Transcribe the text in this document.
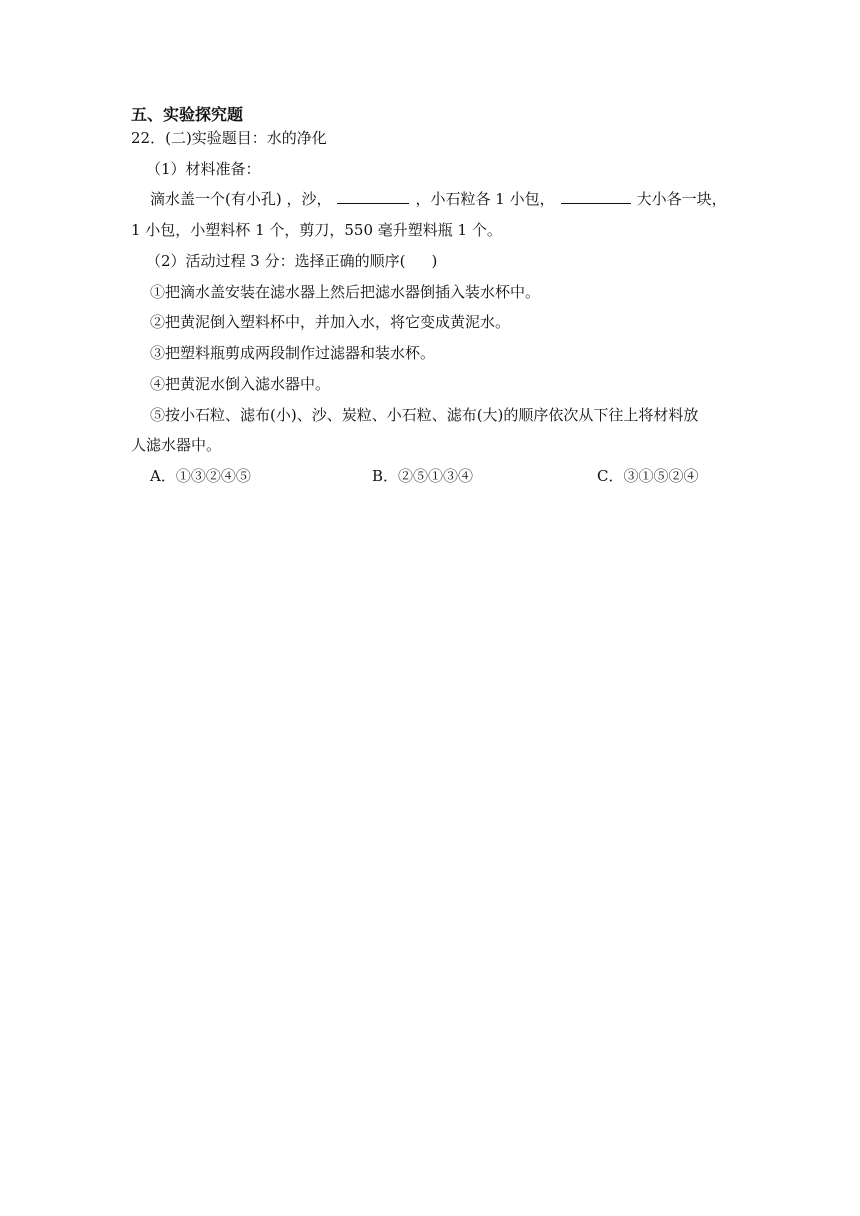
五、实验探究题
22．(二)实验题目：水的净化
（1）材料准备：
滴水盖一个(有小孔) ，沙，	，小石粒各 1 小包，	大小各一块，
1 小包，小塑料杯 1 个，剪刀，550 毫升塑料瓶 1 个。
（2）活动过程 3 分：选择正确的顺序( )
①把滴水盖安装在滤水器上然后把滤水器倒插入装水杯中。
②把黄泥倒入塑料杯中，并加入水，将它变成黄泥水。
③把塑料瓶剪成两段制作过滤器和装水杯。
④把黄泥水倒入滤水器中。
⑤按小石粒、滤布(小)、沙、炭粒、小石粒、滤布(大)的顺序依次从下往上将材料放
人滤水器中。
A．①③②④⑤	B．②⑤①③④	C．③①⑤②④
